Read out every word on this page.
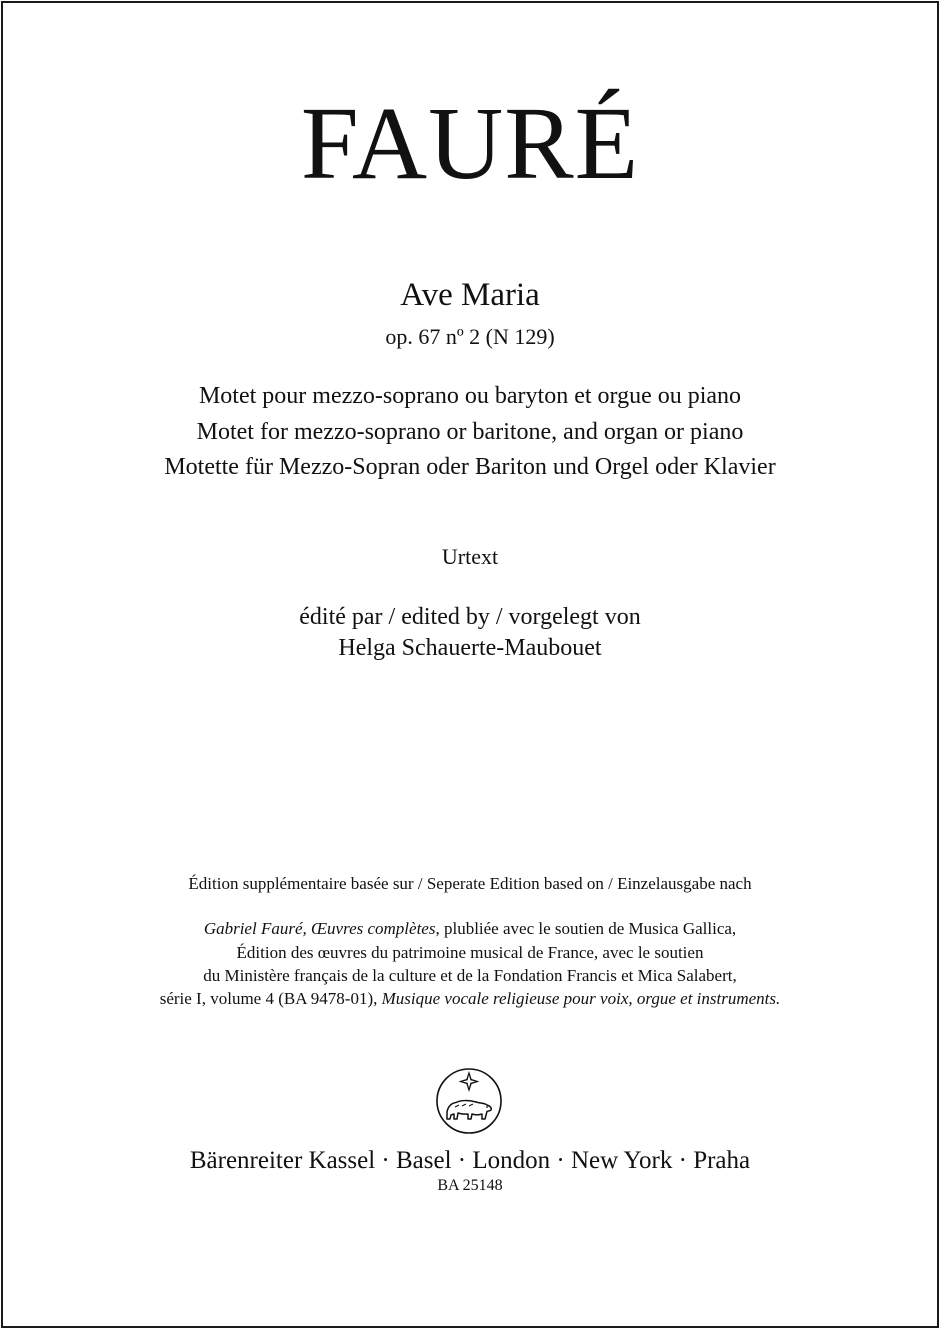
FAURÉ
Ave Maria
op. 67 nº 2 (N 129)
Motet pour mezzo-soprano ou baryton et orgue ou piano
Motet for mezzo-soprano or baritone, and organ or piano
Motette für Mezzo-Sopran oder Bariton und Orgel oder Klavier
Urtext
édité par / edited by / vorgelegt von
Helga Schauerte-Maubouet
Édition supplémentaire basée sur / Seperate Edition based on / Einzelausgabe nach
Gabriel Fauré, Œuvres complètes, plubliée avec le soutien de Musica Gallica,
Édition des œuvres du patrimoine musical de France, avec le soutien
du Ministère français de la culture et de la Fondation Francis et Mica Salabert,
série I, volume 4 (BA 9478-01), Musique vocale religieuse pour voix, orgue et instruments.
Bärenreiter Kassel · Basel · London · New York · Praha
BA 25148
